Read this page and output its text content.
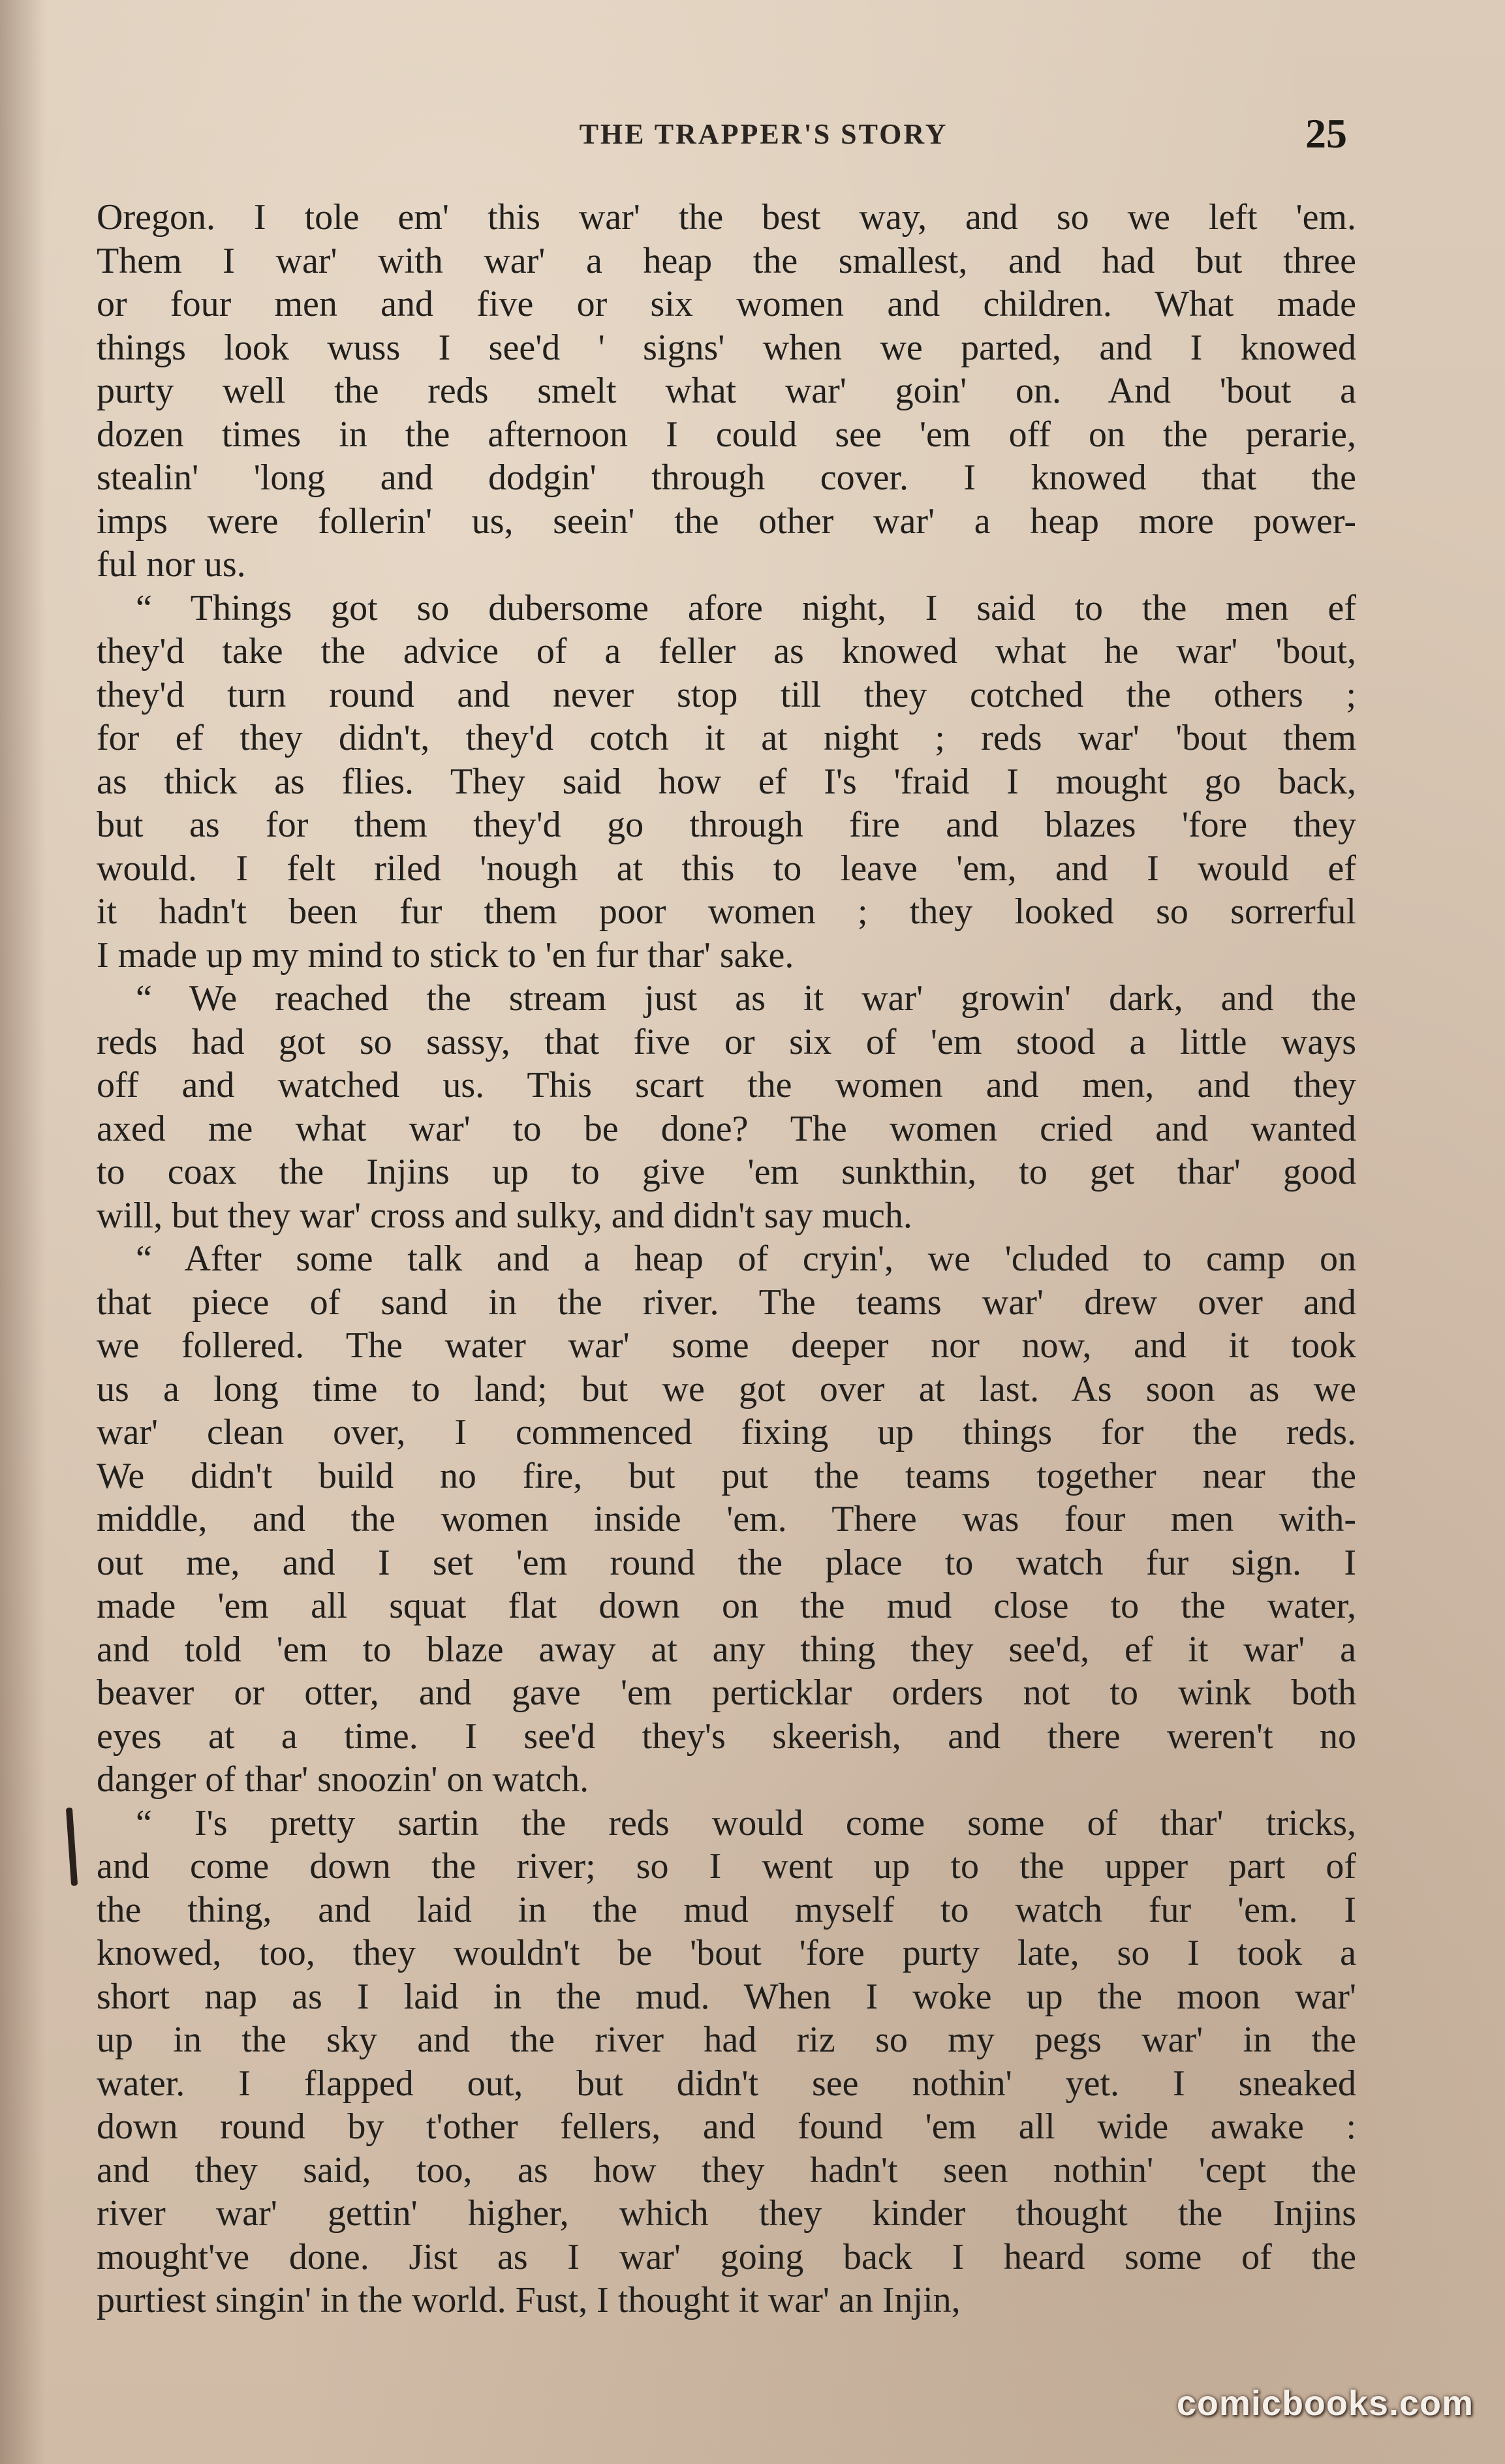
THE TRAPPER'S STORY	25
Oregon. I tole em' this war' the best way, and so we left 'em.
Them I war' with war' a heap the smallest, and had but three
or four men and five or six women and children. What made
things look wuss I see'd ' signs' when we parted, and I knowed
purty well the reds smelt what war' goin' on. And 'bout a
dozen times in the afternoon I could see 'em off on the perarie,
stealin' 'long and dodgin' through cover. I knowed that the
imps were follerin' us, seein' the other war' a heap more power-
ful nor us.
“ Things got so dubersome afore night, I said to the men ef
they'd take the advice of a feller as knowed what he war' 'bout,
they'd turn round and never stop till they cotched the others ;
for ef they didn't, they'd cotch it at night ; reds war' 'bout them
as thick as flies. They said how ef I's 'fraid I mought go back,
but as for them they'd go through fire and blazes 'fore they
would. I felt riled 'nough at this to leave 'em, and I would ef
it hadn't been fur them poor women ; they looked so sorrerful
I made up my mind to stick to 'en fur thar' sake.
“ We reached the stream just as it war' growin' dark, and the
reds had got so sassy, that five or six of 'em stood a little ways
off and watched us. This scart the women and men, and they
axed me what war' to be done? The women cried and wanted
to coax the Injins up to give 'em sunkthin, to get thar' good
will, but they war' cross and sulky, and didn't say much.
“ After some talk and a heap of cryin', we 'cluded to camp on
that piece of sand in the river. The teams war' drew over and
we follered. The water war' some deeper nor now, and it took
us a long time to land; but we got over at last. As soon as we
war' clean over, I commenced fixing up things for the reds.
We didn't build no fire, but put the teams together near the
middle, and the women inside 'em. There was four men with-
out me, and I set 'em round the place to watch fur sign. I
made 'em all squat flat down on the mud close to the water,
and told 'em to blaze away at any thing they see'd, ef it war' a
beaver or otter, and gave 'em perticklar orders not to wink both
eyes at a time. I see'd they's skeerish, and there weren't no
danger of thar' snoozin' on watch.
“ I's pretty sartin the reds would come some of thar' tricks,
and come down the river; so I went up to the upper part of
the thing, and laid in the mud myself to watch fur 'em. I
knowed, too, they wouldn't be 'bout 'fore purty late, so I took a
short nap as I laid in the mud. When I woke up the moon war'
up in the sky and the river had riz so my pegs war' in the
water. I flapped out, but didn't see nothin' yet. I sneaked
down round by t'other fellers, and found 'em all wide awake :
and they said, too, as how they hadn't seen nothin' 'cept the
river war' gettin' higher, which they kinder thought the Injins
mought've done. Jist as I war' going back I heard some of the
purtiest singin' in the world. Fust, I thought it war' an Injin,
comicbooks.com
